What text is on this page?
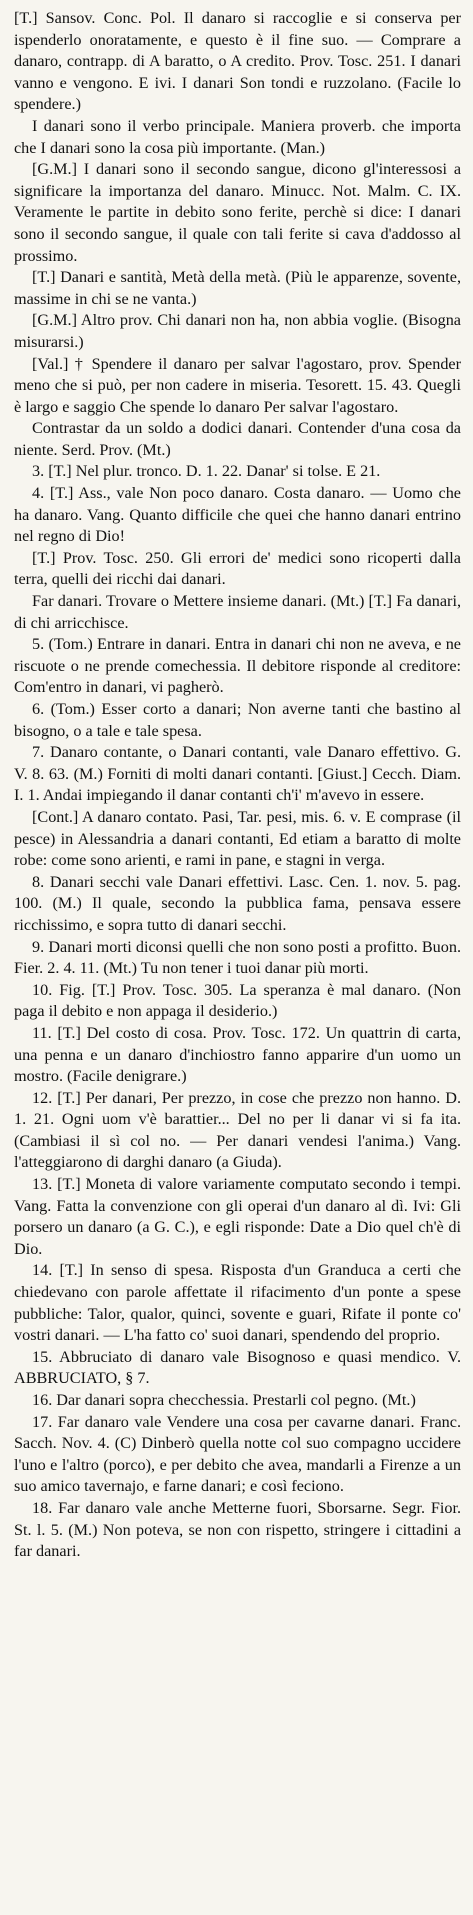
[T.] Sansov. Conc. Pol. Il danaro si raccoglie e si conserva per ispenderlo onoratamente, e questo è il fine suo. — Comprare a danaro, contrapp. di A baratto, o A credito. Prov. Tosc. 251. I danari vanno e vengono. E ivi. I danari Son tondi e ruzzolano. (Facile lo spendere.)

I danari sono il verbo principale. Maniera proverb. che importa che I danari sono la cosa più importante. (Man.)

[G.M.] I danari sono il secondo sangue, dicono gl'interessosi a significare la importanza del danaro. Minucc. Not. Malm. C. IX. Veramente le partite in debito sono ferite, perchè si dice: I danari sono il secondo sangue, il quale con tali ferite si cava d'addosso al prossimo.

[T.] Danari e santità, Metà della metà. (Più le apparenze, sovente, massime in chi se ne vanta.)

[G.M.] Altro prov. Chi danari non ha, non abbia voglie. (Bisogna misurarsi.)

[Val.] † Spendere il danaro per salvar l'agostaro, prov. Spender meno che si può, per non cadere in miseria. Tesorett. 15. 43. Quegli è largo e saggio Che spende lo danaro Per salvar l'agostaro.

Contrastar da un soldo a dodici danari. Contender d'una cosa da niente. Serd. Prov. (Mt.)

3. [T.] Nel plur. tronco. D. 1. 22. Danar' si tolse. E 21.

4. [T.] Ass., vale Non poco danaro. Costa danaro. — Uomo che ha danaro. Vang. Quanto difficile che quei che hanno danari entrino nel regno di Dio!

[T.] Prov. Tosc. 250. Gli errori de' medici sono ricoperti dalla terra, quelli dei ricchi dai danari.

Far danari. Trovare o Mettere insieme danari. (Mt.) [T.] Fa danari, di chi arricchisce.

5. (Tom.) Entrare in danari. Entra in danari chi non ne aveva, e ne riscuote o ne prende comechessia. Il debitore risponde al creditore: Com'entro in danari, vi pagherò.

6. (Tom.) Esser corto a danari; Non averne tanti che bastino al bisogno, o a tale e tale spesa.

7. Danaro contante, o Danari contanti, vale Danaro effettivo. G. V. 8. 63. (M.) Forniti di molti danari contanti. [Giust.] Cecch. Diam. I. 1. Andai impiegando il danar contanti ch'i' m'avevo in essere.

[Cont.] A danaro contato. Pasi, Tar. pesi, mis. 6. v. E comprase (il pesce) in Alessandria a danari contanti, Ed etiam a baratto di molte robe: come sono arienti, e rami in pane, e stagni in verga.

8. Danari secchi vale Danari effettivi. Lasc. Cen. 1. nov. 5. pag. 100. (M.) Il quale, secondo la pubblica fama, pensava essere ricchissimo, e sopra tutto di danari secchi.

9. Danari morti diconsi quelli che non sono posti a profitto. Buon. Fier. 2. 4. 11. (Mt.) Tu non tener i tuoi danar più morti.

10. Fig. [T.] Prov. Tosc. 305. La speranza è mal danaro. (Non paga il debito e non appaga il desiderio.)

11. [T.] Del costo di cosa. Prov. Tosc. 172. Un quattrin di carta, una penna e un danaro d'inchiostro fanno apparire d'un uomo un mostro. (Facile denigrare.)

12. [T.] Per danari, Per prezzo, in cose che prezzo non hanno. D. 1. 21. Ogni uom v'è barattier... Del no per li danar vi si fa ita. (Cambiasi il sì col no. — Per danari vendesi l'anima.) Vang. l'atteggiarono di darghi danaro (a Giuda).

13. [T.] Moneta di valore variamente computato secondo i tempi. Vang. Fatta la convenzione con gli operai d'un danaro al dì. Ivi: Gli porsero un danaro (a G. C.), e egli risponde: Date a Dio quel ch'è di Dio.

14. [T.] In senso di spesa. Risposta d'un Granduca a certi che chiedevano con parole affettate il rifacimento d'un ponte a spese pubbliche: Talor, qualor, quinci, sovente e guari, Rifate il ponte co' vostri danari. — L'ha fatto co' suoi danari, spendendo del proprio.

15. Abbruciato di danaro vale Bisognoso e quasi mendico. V. ABBRUCIATO, § 7.

16. Dar danari sopra checchessia. Prestarli col pegno. (Mt.)

17. Far danaro vale Vendere una cosa per cavarne danari. Franc. Sacch. Nov. 4. (C) Dinberò quella notte col suo compagno uccidere l'uno e l'altro (porco), e per debito che avea, mandarli a Firenze a un suo amico tavernajo, e farne danari; e così feciono.

18. Far danaro vale anche Metterne fuori, Sborsarne. Segr. Fior. St. l. 5. (M.) Non poteva, se non con rispetto, stringere i cittadini a far danari.
